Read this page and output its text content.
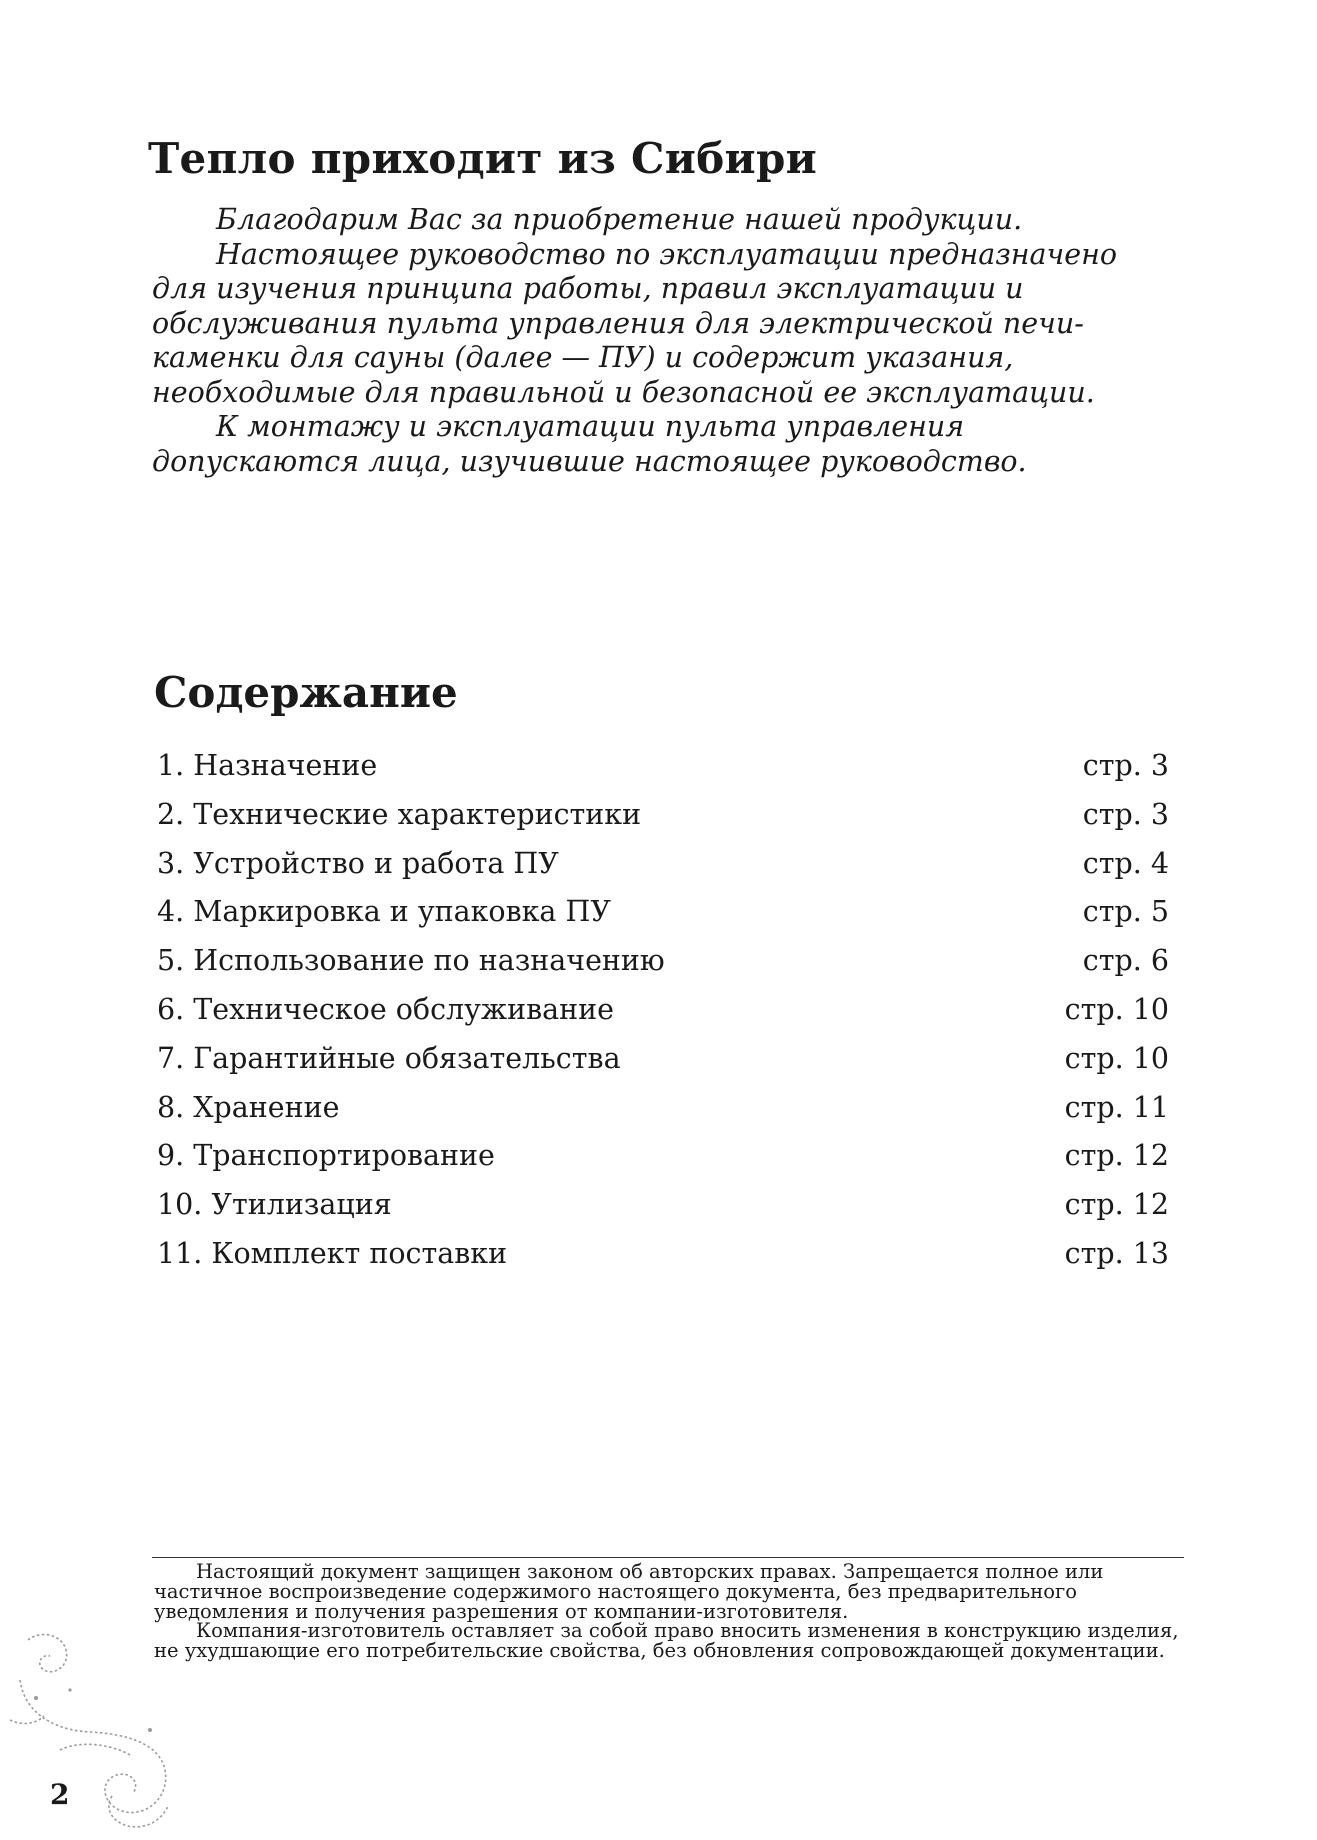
Тепло приходит из Сибири

Благодарим Вас за приобретение нашей продукции.

Настоящее руководство по эксплуатации предназначено для изучения принципа работы, правил эксплуатации и обслуживания пульта управления для электрической печи-каменки для сауны (далее — ПУ) и содержит указания, необходимые для правильной и безопасной ее эксплуатации.

К монтажу и эксплуатации пульта управления допускаются лица, изучившие настоящее руководство.

Содержание
1. Назначение	стр. 3
2. Технические характеристики	стр. 3
3. Устройство и работа ПУ	стр. 4
4. Маркировка и упаковка ПУ	стр. 5
5. Использование по назначению	стр. 6
6. Техническое обслуживание	стр. 10
7. Гарантийные обязательства	стр. 10
8. Хранение	стр. 11
9. Транспортирование	стр. 12
10. Утилизация	стр. 12
11. Комплект поставки	стр. 13

Настоящий документ защищен законом об авторских правах. Запрещается полное или частичное воспроизведение содержимого настоящего документа, без предварительного уведомления и получения разрешения от компании-изготовителя.

Компания-изготовитель оставляет за собой право вносить изменения в конструкцию изделия, не ухудшающие его потребительские свойства, без обновления сопровождающей документации.

2
